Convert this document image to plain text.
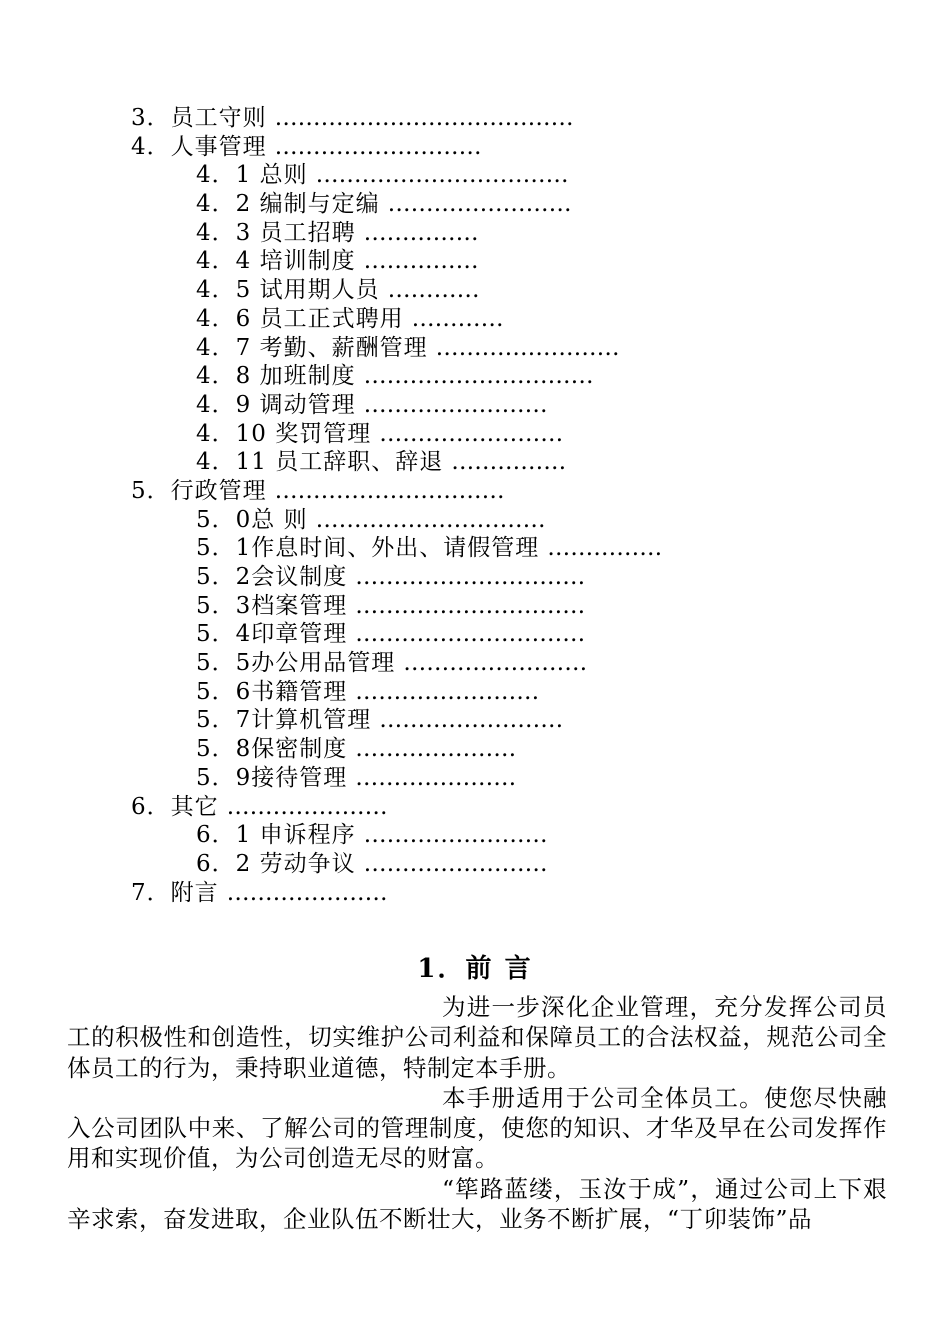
3．员工守则 …………………………………
4．人事管理 ………………………
4．1 总则 ……………………………
4．2 编制与定编 ……………………
4．3 员工招聘 ……………
4．4 培训制度 ……………
4．5 试用期人员 …………
4．6 员工正式聘用 …………
4．7 考勤、薪酬管理 ……………………
4．8 加班制度 …………………………
4．9 调动管理 ……………………
4．10 奖罚管理 ……………………
4．11 员工辞职、辞退 ……………
5．行政管理 …………………………
5．0总 则 …………………………
5．1作息时间、外出、请假管理 ……………
5．2会议制度 …………………………
5．3档案管理 …………………………
5．4印章管理 …………………………
5．5办公用品管理 ……………………
5．6书籍管理 ……………………
5．7计算机管理 ……………………
5．8保密制度 …………………
5．9接待管理 …………………
6．其它 …………………
6．1 申诉程序 ……………………
6．2 劳动争议 ……………………
7．附言 …………………
1．前 言

为进一步深化企业管理，充分发挥公司员工的积极性和创造性，切实维护公司利益和保障员工的合法权益，规范公司全体员工的行为，秉持职业道德，特制定本手册。

本手册适用于公司全体员工。使您尽快融入公司团队中来、了解公司的管理制度，使您的知识、才华及早在公司发挥作用和实现价值，为公司创造无尽的财富。

“筚路蓝缕，玉汝于成”，通过公司上下艰辛求索，奋发进取，企业队伍不断壮大，业务不断扩展，“丁卯装饰”品
